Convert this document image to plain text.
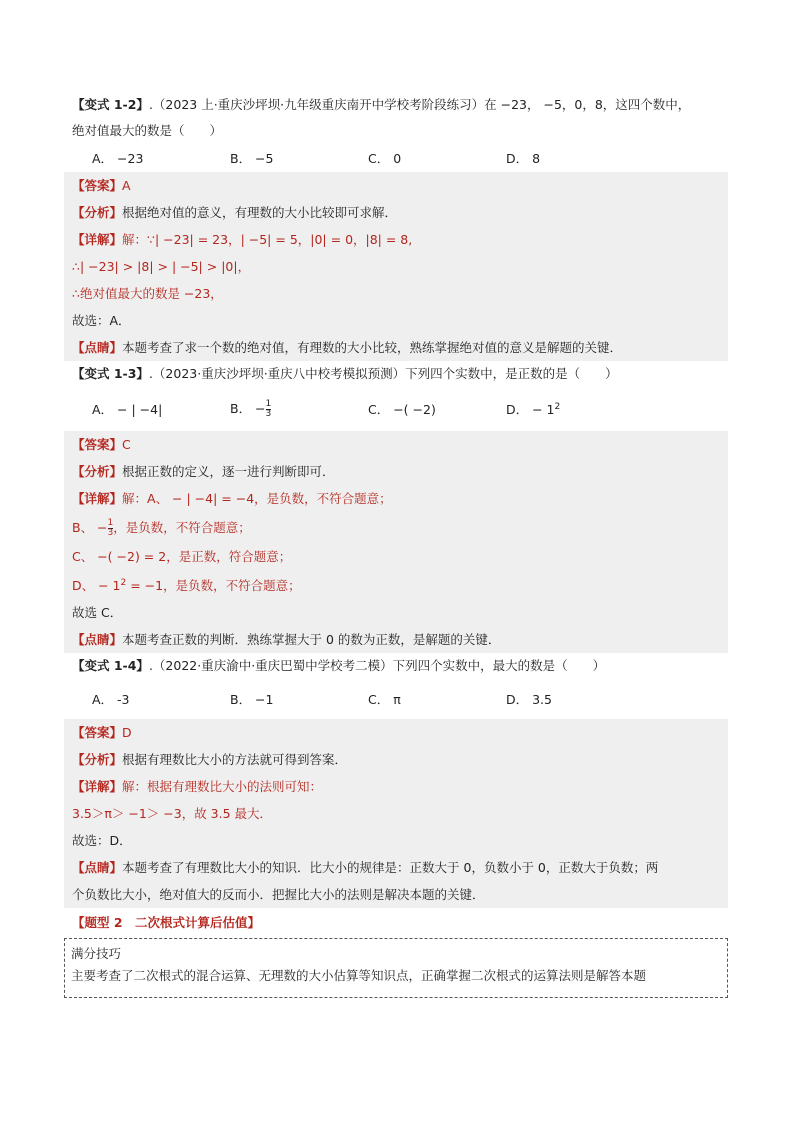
【变式 1-2】.（2023 上·重庆沙坪坝·九年级重庆南开中学校考阶段练习）在 −23， −5，0，8，这四个数中，
绝对值最大的数是（　　）
A． −23	B． −5	C． 0	D． 8
【答案】A
【分析】根据绝对值的意义，有理数的大小比较即可求解．
【详解】解：∵| −23| = 23，| −5| = 5，|0| = 0，|8| = 8,
∴| −23| > |8| > | −5| > |0|，
∴绝对值最大的数是 −23，
故选：A．
【点睛】本题考查了求一个数的绝对值，有理数的大小比较，熟练掌握绝对值的意义是解题的关键．
【变式 1-3】.（2023·重庆沙坪坝·重庆八中校考模拟预测）下列四个实数中，是正数的是（　　）
A． − | −4|	B． − $\frac{1}{3}$	C． −( −2)	D． − $1^2$
【答案】C
【分析】根据正数的定义，逐一进行判断即可．
【详解】解：A、 − | −4| = −4，是负数，不符合题意；
B、 − $\frac{1}{3}$ ，是负数，不符合题意；
C、 −( −2) = 2，是正数，符合题意；
D、 − $1^2 = -1$，是负数，不符合题意；
故选 C．
【点睛】本题考查正数的判断．熟练掌握大于 0 的数为正数，是解题的关键．
【变式 1-4】.（2022·重庆渝中·重庆巴蜀中学校考二模）下列四个实数中，最大的数是（　　）
A． -3	B． −1	C． π	D． 3.5
【答案】D
【分析】根据有理数比大小的方法就可得到答案．
【详解】解：根据有理数比大小的法则可知：
3.5＞π＞ −1＞ −3，故 3.5 最大．
故选：D．
【点睛】本题考查了有理数比大小的知识．比大小的规律是：正数大于 0，负数小于 0，正数大于负数；两
个负数比大小，绝对值大的反而小．把握比大小的法则是解决本题的关键．
【题型 2　二次根式计算后估值】
满分技巧
主要考查了二次根式的混合运算、无理数的大小估算等知识点，正确掌握二次根式的运算法则是解答本题
